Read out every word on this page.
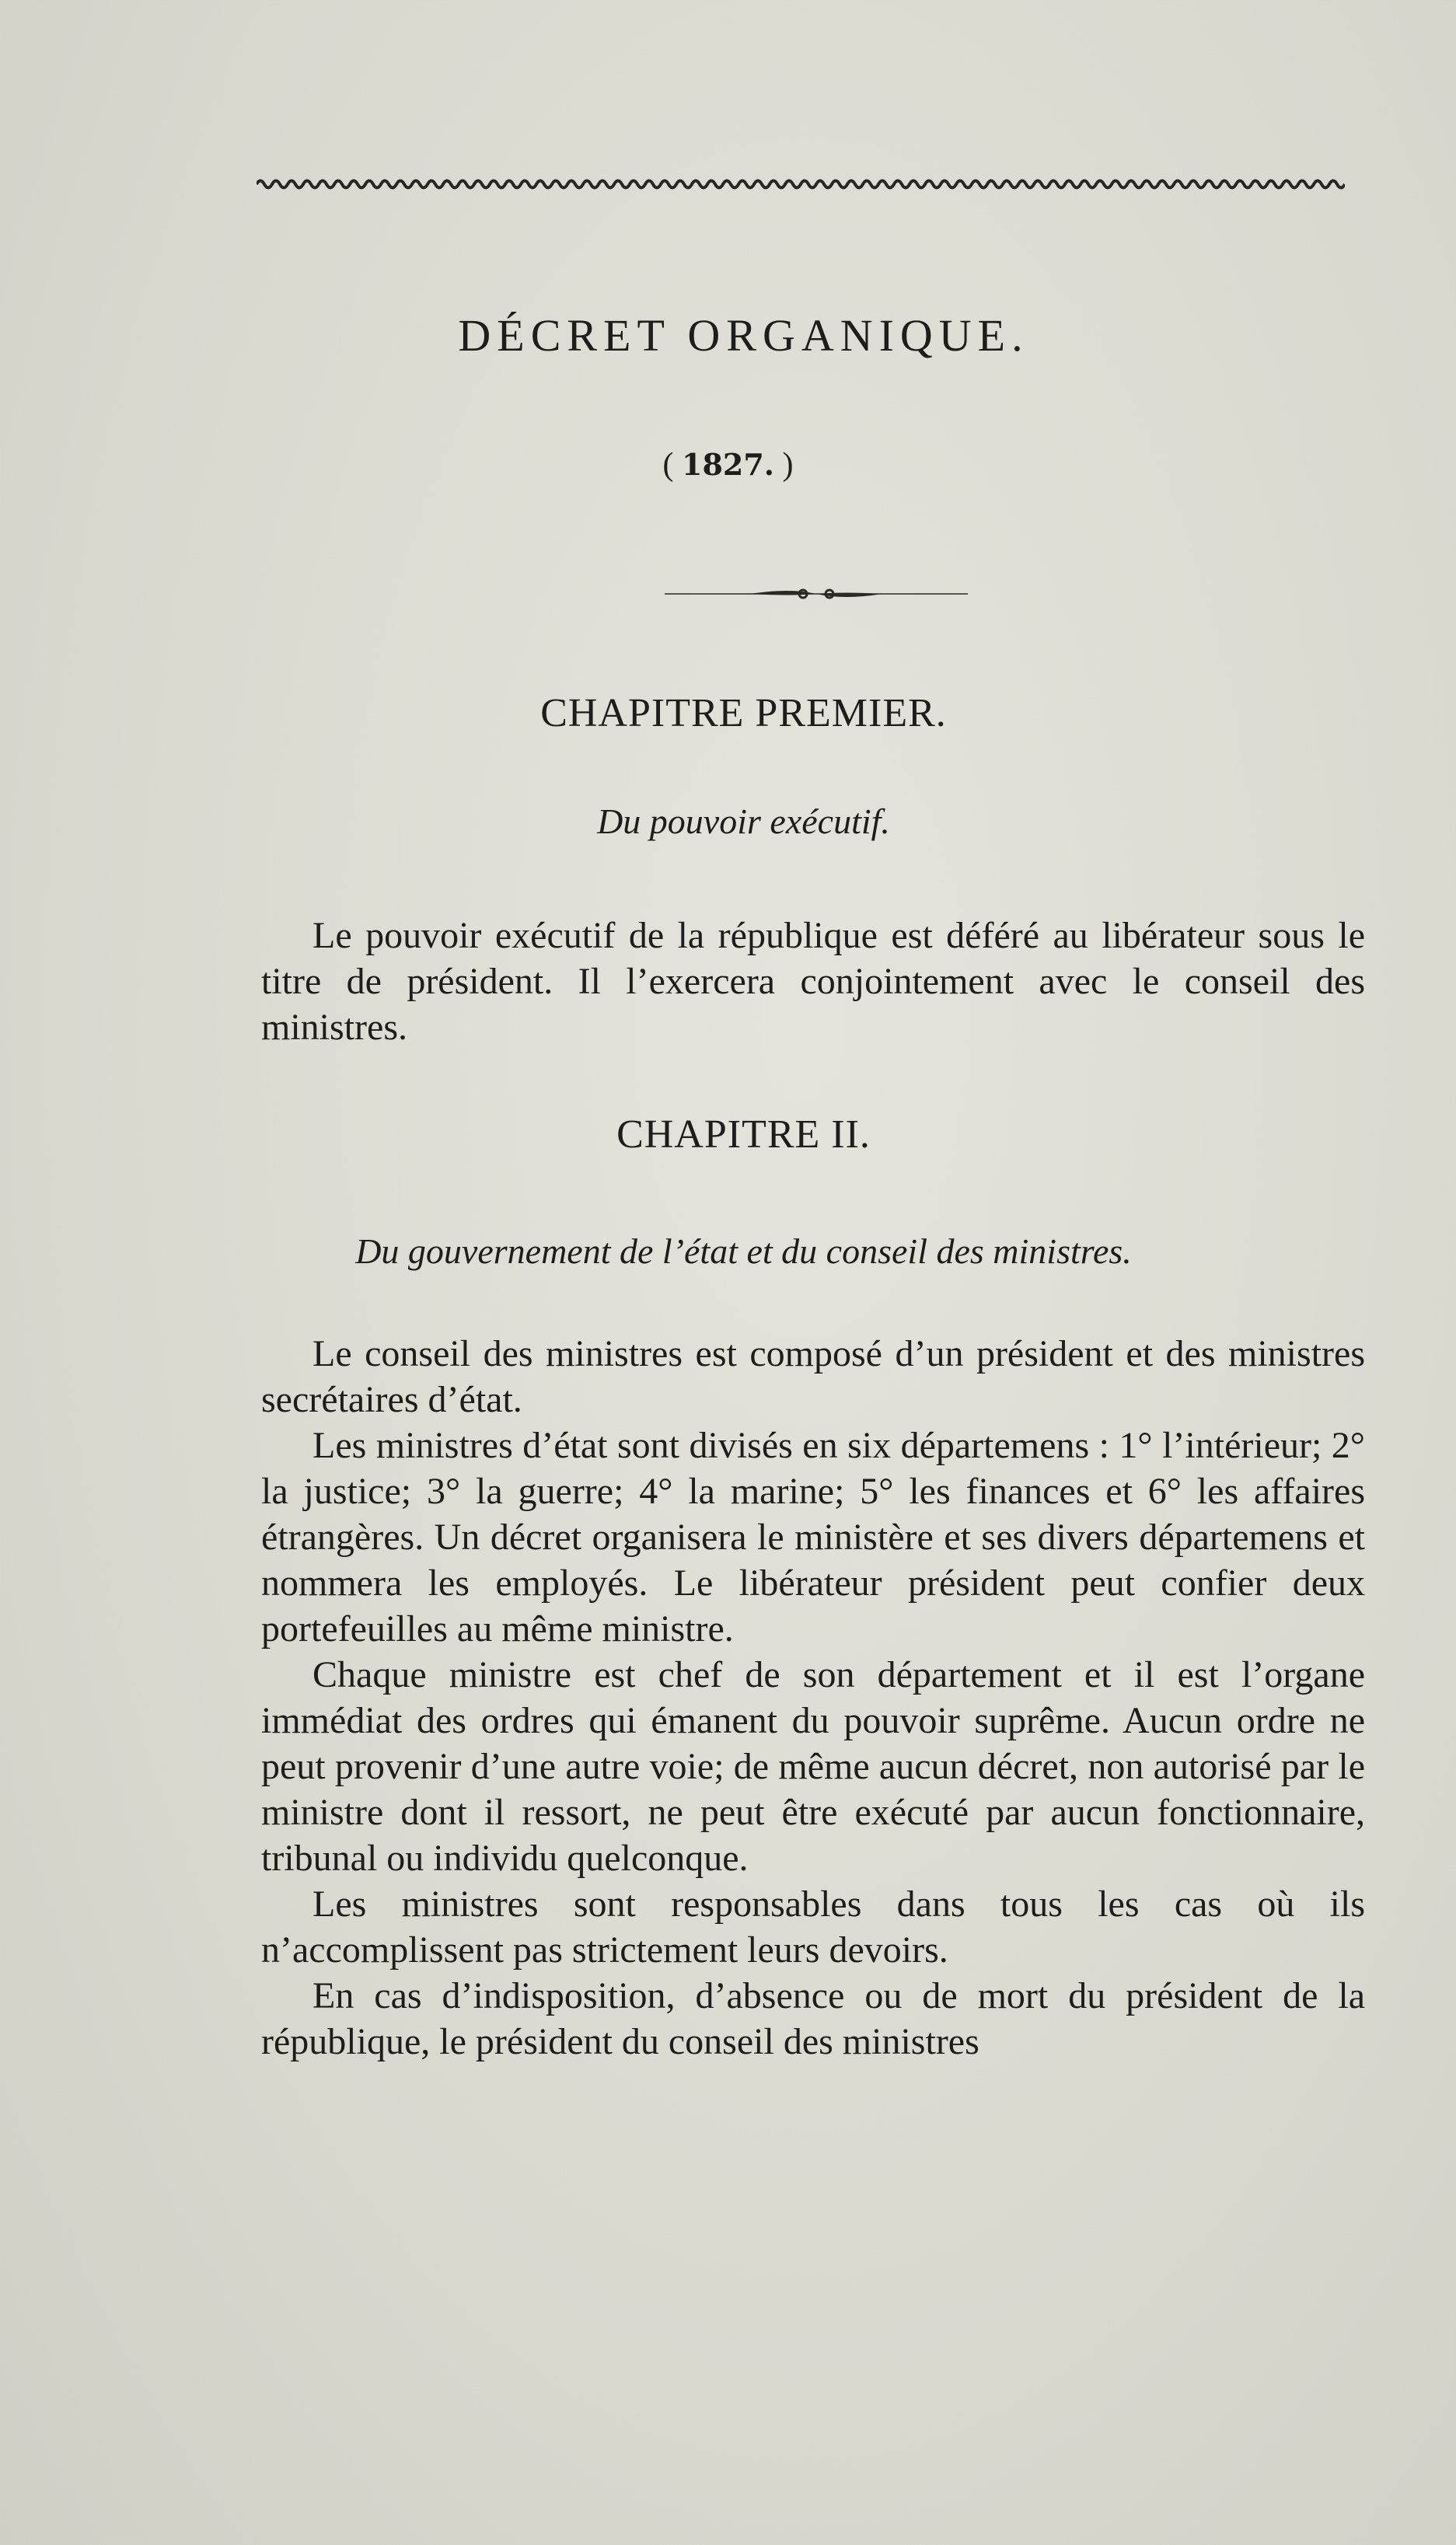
DÉCRET ORGANIQUE.
( 1827. )
CHAPITRE PREMIER.
Du pouvoir exécutif.

Le pouvoir exécutif de la république est déféré au libérateur sous le titre de président. Il l’exercera conjointement avec le conseil des ministres.

CHAPITRE II.
Du gouvernement de l’état et du conseil des ministres.

Le conseil des ministres est composé d’un président et des ministres secrétaires d’état.

Les ministres d’état sont divisés en six départemens : 1° l’intérieur; 2° la justice; 3° la guerre; 4° la marine; 5° les finances et 6° les affaires étrangères. Un décret organisera le ministère et ses divers départemens et nommera les employés. Le libérateur président peut confier deux portefeuilles au même ministre.

Chaque ministre est chef de son département et il est l’organe immédiat des ordres qui émanent du pouvoir suprême. Aucun ordre ne peut provenir d’une autre voie; de même aucun décret, non autorisé par le ministre dont il ressort, ne peut être exécuté par aucun fonctionnaire, tribunal ou individu quelconque.

Les ministres sont responsables dans tous les cas où ils n’accomplissent pas strictement leurs devoirs.

En cas d’indisposition, d’absence ou de mort du président de la république, le président du conseil des ministres
